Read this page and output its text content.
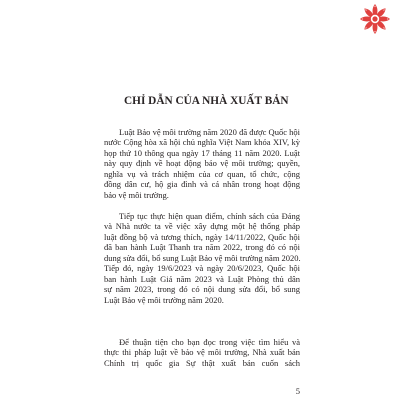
CHỈ DẪN CỦA NHÀ XUẤT BẢN
Luật Bảo vệ môi trường năm 2020 đã được Quốc hội
nước Cộng hòa xã hội chủ nghĩa Việt Nam khóa XIV, kỳ
họp thứ 10 thông qua ngày 17 tháng 11 năm 2020. Luật
này quy định về hoạt động bảo vệ môi trường; quyền,
nghĩa vụ và trách nhiệm của cơ quan, tổ chức, cộng
đồng dân cư, hộ gia đình và cá nhân trong hoạt động
bảo vệ môi trường.
Tiếp tục thực hiện quan điểm, chính sách của Đảng
và Nhà nước ta về việc xây dựng một hệ thống pháp
luật đồng bộ và tương thích, ngày 14/11/2022, Quốc hội
đã ban hành Luật Thanh tra năm 2022, trong đó có nội
dung sửa đổi, bổ sung Luật Bảo vệ môi trường năm 2020.
Tiếp đó, ngày 19/6/2023 và ngày 20/6/2023, Quốc hội
ban hành Luật Giá năm 2023 và Luật Phòng thủ dân
sự năm 2023, trong đó có nội dung sửa đổi, bổ sung
Luật Bảo vệ môi trường năm 2020.
Để thuận tiện cho bạn đọc trong việc tìm hiểu và
thực thi pháp luật về bảo vệ môi trường, Nhà xuất bản
Chính trị quốc gia Sự thật xuất bản cuốn sách
5
